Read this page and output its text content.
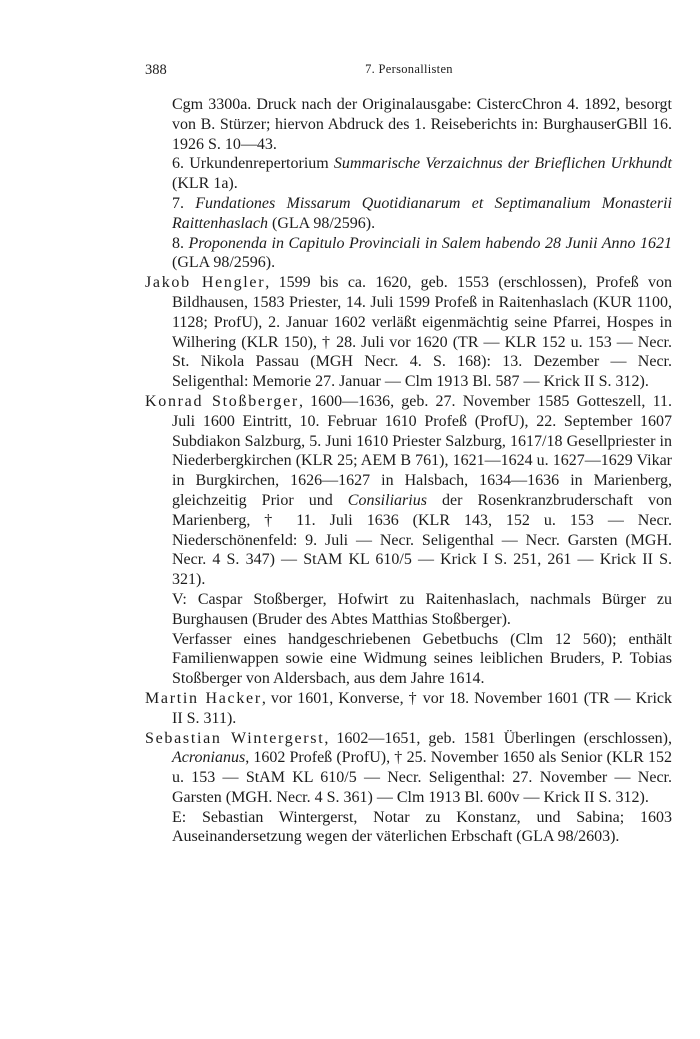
388	7. Personallisten

Cgm 3300a. Druck nach der Originalausgabe: CistercChron 4. 1892, besorgt von B. Stürzer; hiervon Abdruck des 1. Reiseberichts in: BurghauserGBll 16. 1926 S. 10—43.

6. Urkundenrepertorium Summarische Verzaichnus der Brieflichen Urkhundt (KLR 1a).

7. Fundationes Missarum Quotidianarum et Septimanalium Monasterii Raittenhaslach (GLA 98/2596).

8. Proponenda in Capitulo Provinciali in Salem habendo 28 Junii Anno 1621 (GLA 98/2596).

Jakob Hengler, 1599 bis ca. 1620, geb. 1553 (erschlossen), Profeß von Bildhausen, 1583 Priester, 14. Juli 1599 Profeß in Raitenhaslach (KUR 1100, 1128; ProfU), 2. Januar 1602 verläßt eigenmächtig seine Pfarrei, Hospes in Wilhering (KLR 150), † 28. Juli vor 1620 (TR — KLR 152 u. 153 — Necr. St. Nikola Passau (MGH Necr. 4. S. 168): 13. Dezember — Necr. Seligenthal: Memorie 27. Januar — Clm 1913 Bl. 587 — Krick II S. 312).

Konrad Stoßberger, 1600—1636, geb. 27. November 1585 Gotteszell, 11. Juli 1600 Eintritt, 10. Februar 1610 Profeß (ProfU), 22. September 1607 Subdiakon Salzburg, 5. Juni 1610 Priester Salzburg, 1617/18 Gesellpriester in Niederbergkirchen (KLR 25; AEM B 761), 1621—1624 u. 1627—1629 Vikar in Burgkirchen, 1626—1627 in Halsbach, 1634—1636 in Marienberg, gleichzeitig Prior und Consiliarius der Rosenkranzbruderschaft von Marienberg, † 11. Juli 1636 (KLR 143, 152 u. 153 — Necr. Niederschönenfeld: 9. Juli — Necr. Seligenthal — Necr. Garsten (MGH. Necr. 4 S. 347) — StAM KL 610/5 — Krick I S. 251, 261 — Krick II S. 321).

V: Caspar Stoßberger, Hofwirt zu Raitenhaslach, nachmals Bürger zu Burghausen (Bruder des Abtes Matthias Stoßberger).

Verfasser eines handgeschriebenen Gebetbuchs (Clm 12 560); enthält Familienwappen sowie eine Widmung seines leiblichen Bruders, P. Tobias Stoßberger von Aldersbach, aus dem Jahre 1614.

Martin Hacker, vor 1601, Konverse, † vor 18. November 1601 (TR — Krick II S. 311).

Sebastian Wintergerst, 1602—1651, geb. 1581 Überlingen (erschlossen), Acronianus, 1602 Profeß (ProfU), † 25. November 1650 als Senior (KLR 152 u. 153 — StAM KL 610/5 — Necr. Seligenthal: 27. November — Necr. Garsten (MGH. Necr. 4 S. 361) — Clm 1913 Bl. 600v — Krick II S. 312).

E: Sebastian Wintergerst, Notar zu Konstanz, und Sabina; 1603 Auseinandersetzung wegen der väterlichen Erbschaft (GLA 98/2603).
